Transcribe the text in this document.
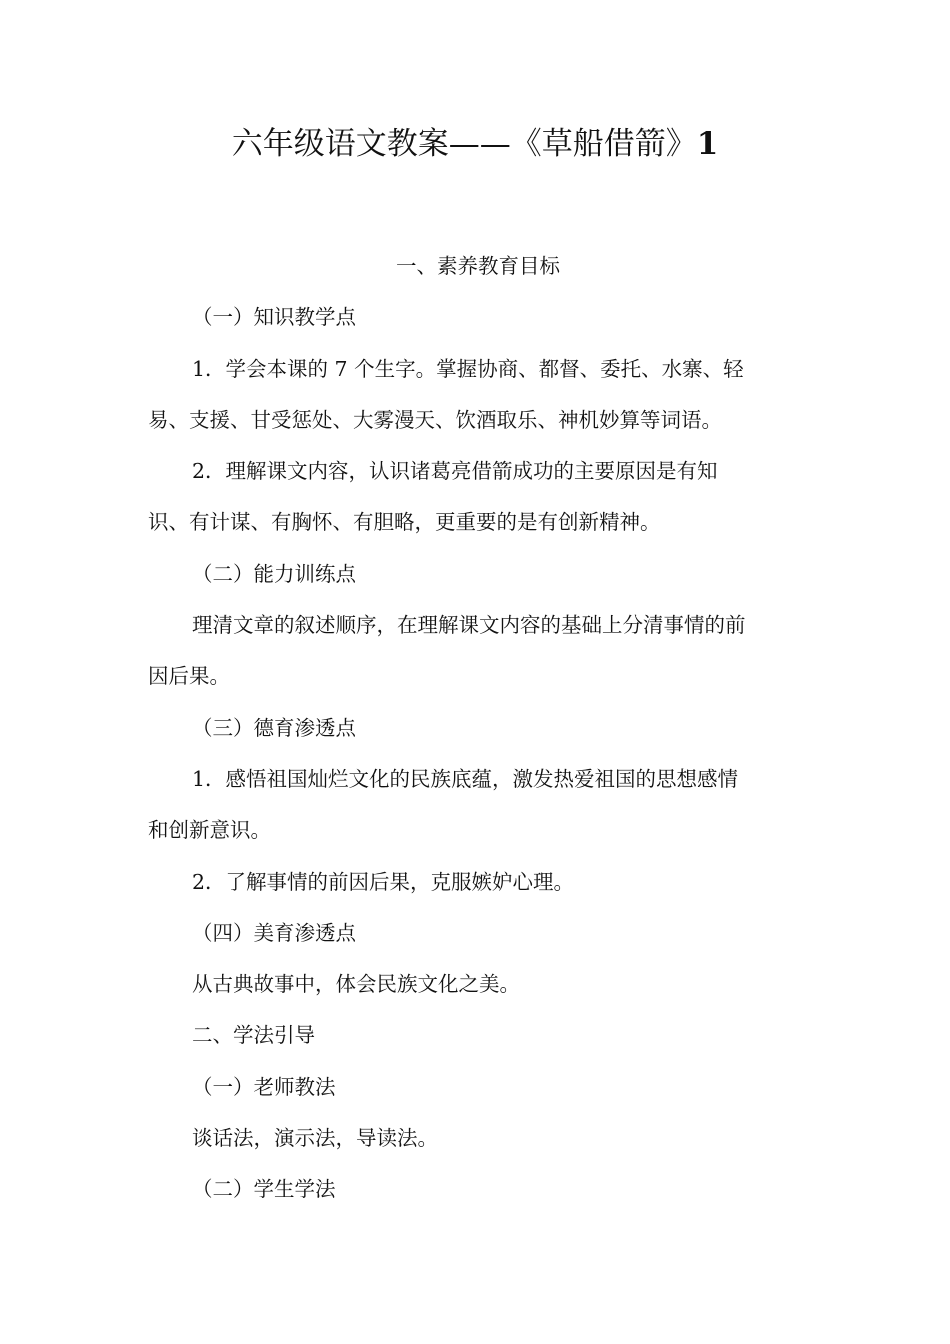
六年级语文教案——《草船借箭》1

一、素养教育目标

（一）知识教学点

1．学会本课的 7 个生字。掌握协商、都督、委托、水寨、轻

易、支援、甘受惩处、大雾漫天、饮酒取乐、神机妙算等词语。

2．理解课文内容，认识诸葛亮借箭成功的主要原因是有知

识、有计谋、有胸怀、有胆略，更重要的是有创新精神。

（二）能力训练点

理清文章的叙述顺序，在理解课文内容的基础上分清事情的前

因后果。

（三）德育渗透点

1．感悟祖国灿烂文化的民族底蕴，激发热爱祖国的思想感情

和创新意识。

2．了解事情的前因后果，克服嫉妒心理。

（四）美育渗透点

从古典故事中，体会民族文化之美。

二、学法引导

（一）老师教法

谈话法，演示法，导读法。

（二）学生学法
